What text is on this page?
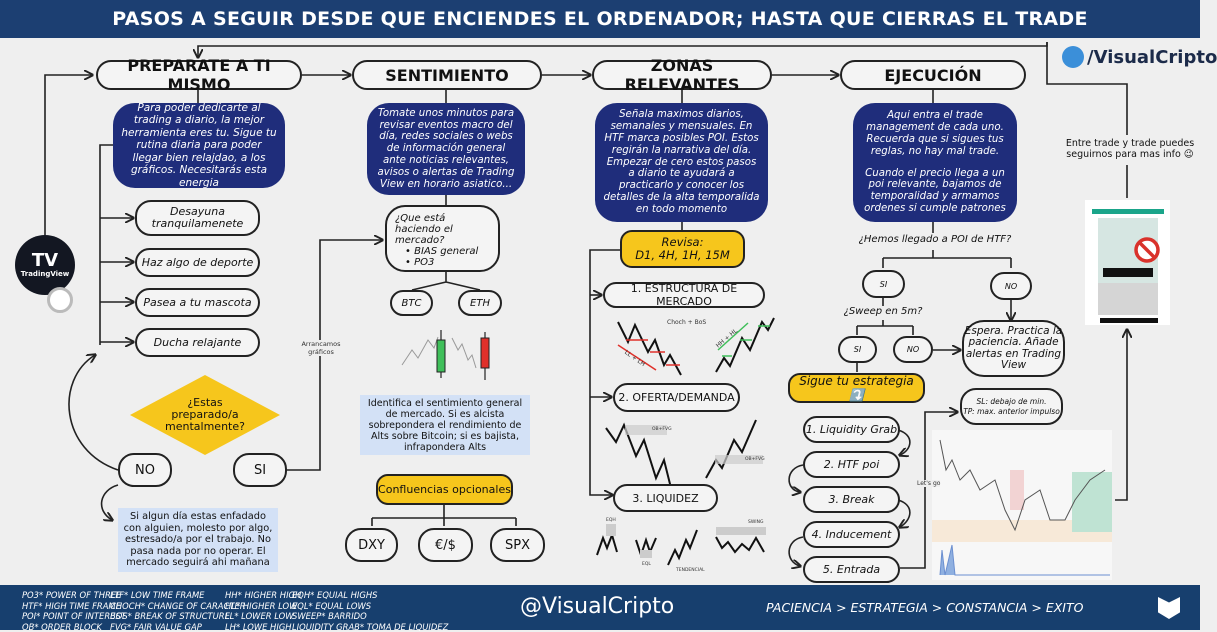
PASOS A SEGUIR DESDE QUE ENCIENDES EL ORDENADOR; HASTA QUE CIERRAS EL TRADE
PREPARATE A TI MISMO	SENTIMIENTO	ZONAS RELEVANTES	EJECUCIÓN
/VisualCripto
Entre trade y trade puedes seguirnos para mas info 😉
TV
TradingView
Para poder dedicarte al trading a diario, la mejor herramienta eres tu. Sigue tu rutina diaria para poder llegar bien relajdao, a los gráficos. Necesitarás esta energia
Desayuna tranquilamenete
Haz algo de deporte
Pasea a tu mascota
Ducha relajante
¿Estas preparado/a mentalmente?
NO	SI
Si algun día estas enfadado con alguien, molesto por algo, estresado/a por el trabajo. No pasa nada por no operar. El mercado seguirá ahi mañana
Arrancamos gráficos
Tomate unos minutos para revisar eventos macro del día, redes sociales o webs de información general ante noticias relevantes, avisos o alertas de Trading View en horario asiatico...
¿Que está haciendo el mercado?
• BIAS general
• PO3
BTC	ETH
Identifica el sentimiento general de mercado. Si es alcista sobrepondera el rendimiento de Alts sobre Bitcoin; si es bajista, infrapondera Alts
Confluencias opcionales
DXY	€/$	SPX
Señala maximos diarios, semanales y mensuales. En HTF marca posibles POI. Estos regirán la narrativa del día. Empezar de cero estos pasos a diario te ayudará a practicarlo y conocer los detalles de la alta temporalida en todo momento
Revisa:
D1, 4H, 1H, 15M
1. ESTRUCTURA DE MERCADO
2. OFERTA/DEMANDA
3. LIQUIDEZ
Choch + BoS
LL + LH
HH + HL
OB+FVG
OB+FVG
EQH
EQL
TENDENCIAL
SWING
Aqui entra el trade management de cada uno. Recuerda que si sigues tus reglas, no hay mal trade.
Cuando el precio llega a un poi relevante, bajamos de temporalidad y armamos ordenes si cumple patrones
¿Hemos llegado a POI de HTF?
SI	NO
¿Sweep en 5m?
SI	NO
Espera. Practica la paciencia. Añade alertas en Trading View
Sigue tu estrategia ⤵️
1. Liquidity Grab
2. HTF poi
3. Break
4. Inducement
5. Entrada
SL: debajo de min.
TP: max. anterior impulso
Let's go
PO3* POWER OF THREE
HTF* HIGH TIME FRAME
POI* POINT OF INTEREST
OB* ORDER BLOCK
LTF* LOW TIME FRAME
CHOCH* CHANGE OF CARACTER
BOS* BREAK OF STRUCTURE
FVG* FAIR VALUE GAP
HH* HIGHER HIGH
HL* HIGHER LOW
LL* LOWER LOW
LH* LOWE HIGH
EQH* EQUIAL HIGHS
EQL* EQUAL LOWS
SWEEP* BARRIDO
LIQUIDITY GRAB* TOMA DE LIQUIDEZ
@VisualCripto	PACIENCIA > ESTRATEGIA > CONSTANCIA > EXITO
